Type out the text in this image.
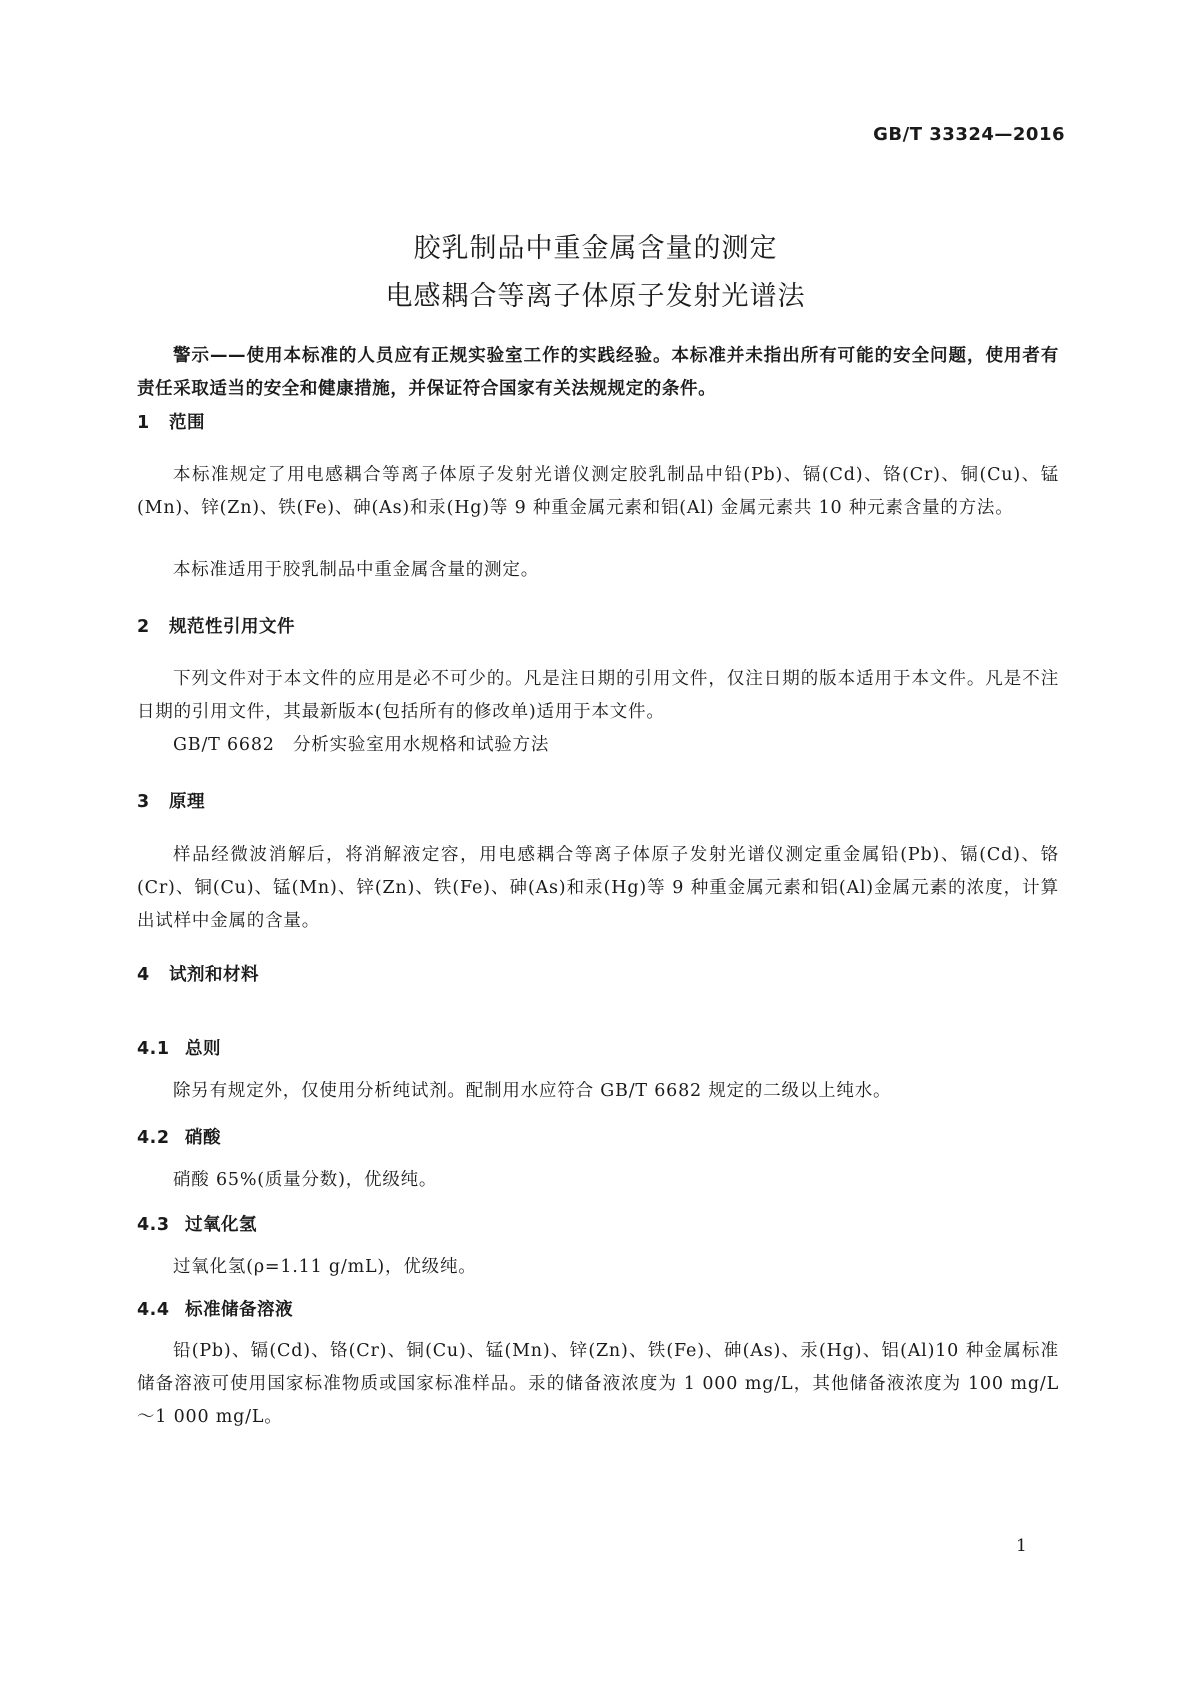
GB/T 33324—2016
胶乳制品中重金属含量的测定
电感耦合等离子体原子发射光谱法
警示——使用本标准的人员应有正规实验室工作的实践经验。本标准并未指出所有可能的安全问题，使用者有责任采取适当的安全和健康措施，并保证符合国家有关法规规定的条件。
1 范围
本标准规定了用电感耦合等离子体原子发射光谱仪测定胶乳制品中铅(Pb)、镉(Cd)、铬(Cr)、铜(Cu)、锰(Mn)、锌(Zn)、铁(Fe)、砷(As)和汞(Hg)等 9 种重金属元素和铝(Al) 金属元素共 10 种元素含量的方法。
本标准适用于胶乳制品中重金属含量的测定。
2 规范性引用文件
下列文件对于本文件的应用是必不可少的。凡是注日期的引用文件，仅注日期的版本适用于本文件。凡是不注日期的引用文件，其最新版本(包括所有的修改单)适用于本文件。
GB/T 6682　分析实验室用水规格和试验方法
3 原理
样品经微波消解后，将消解液定容，用电感耦合等离子体原子发射光谱仪测定重金属铅(Pb)、镉(Cd)、铬(Cr)、铜(Cu)、锰(Mn)、锌(Zn)、铁(Fe)、砷(As)和汞(Hg)等 9 种重金属元素和铝(Al)金属元素的浓度，计算出试样中金属的含量。
4 试剂和材料
4.1 总则
除另有规定外，仅使用分析纯试剂。配制用水应符合 GB/T 6682 规定的二级以上纯水。
4.2 硝酸
硝酸 65%(质量分数)，优级纯。
4.3 过氧化氢
过氧化氢(ρ=1.11 g/mL)，优级纯。
4.4 标准储备溶液
铅(Pb)、镉(Cd)、铬(Cr)、铜(Cu)、锰(Mn)、锌(Zn)、铁(Fe)、砷(As)、汞(Hg)、铝(Al)10 种金属标准储备溶液可使用国家标准物质或国家标准样品。汞的储备液浓度为 1 000 mg/L，其他储备液浓度为 100 mg/L～1 000 mg/L。
1
